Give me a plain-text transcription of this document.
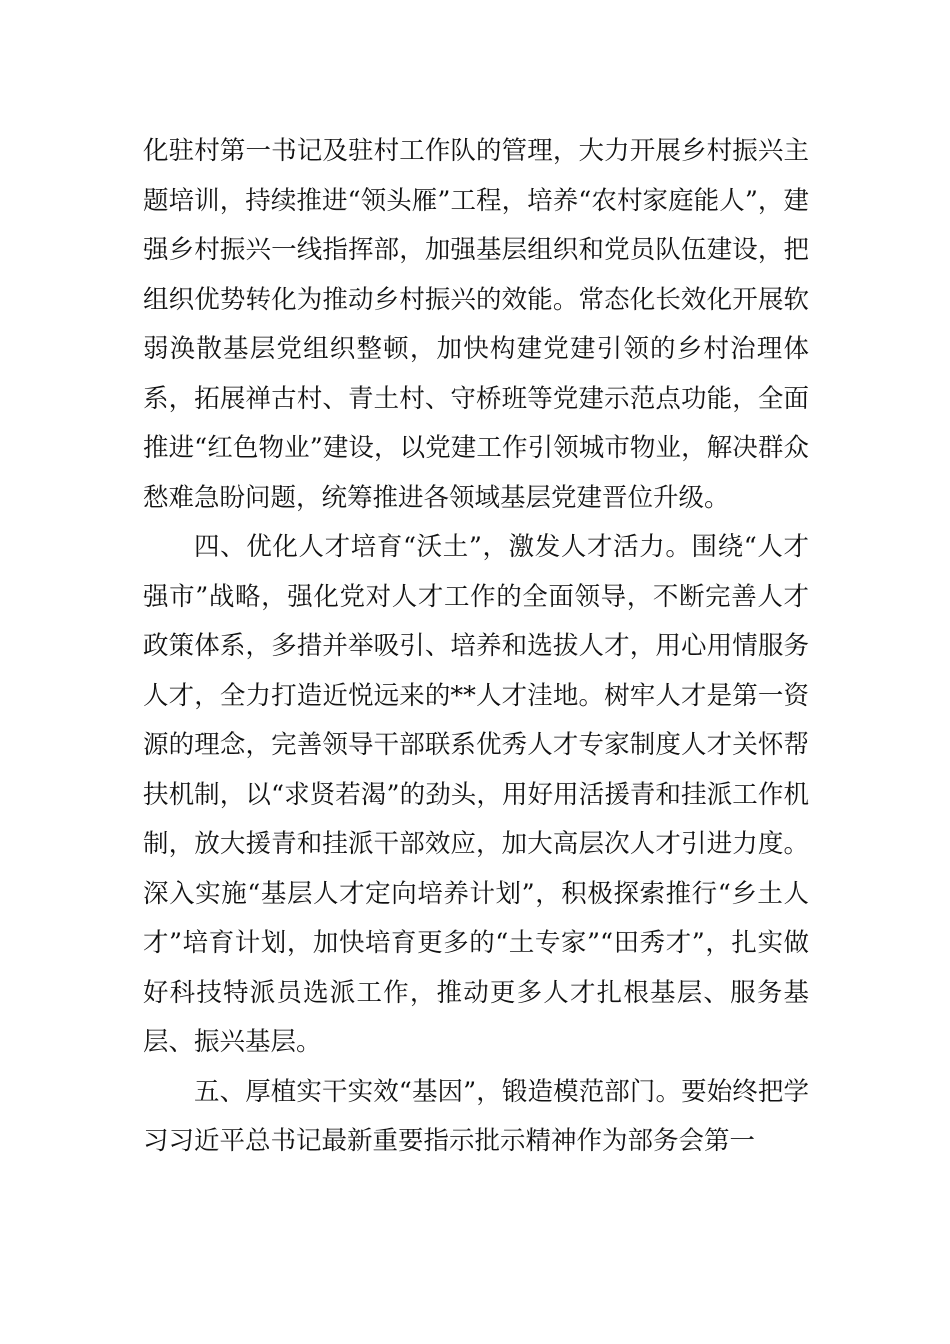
化驻村第一书记及驻村工作队的管理，大力开展乡村振兴主题培训，持续推进“领头雁”工程，培养“农村家庭能人”，建强乡村振兴一线指挥部，加强基层组织和党员队伍建设，把组织优势转化为推动乡村振兴的效能。常态化长效化开展软弱涣散基层党组织整顿，加快构建党建引领的乡村治理体系，拓展禅古村、青土村、守桥班等党建示范点功能，全面推进“红色物业”建设，以党建工作引领城市物业，解决群众愁难急盼问题，统筹推进各领域基层党建晋位升级。

四、优化人才培育“沃土”，激发人才活力。围绕“人才强市”战略，强化党对人才工作的全面领导，不断完善人才政策体系，多措并举吸引、培养和选拔人才，用心用情服务人才，全力打造近悦远来的**人才洼地。树牢人才是第一资源的理念，完善领导干部联系优秀人才专家制度人才关怀帮扶机制，以“求贤若渴”的劲头，用好用活援青和挂派工作机制，放大援青和挂派干部效应，加大高层次人才引进力度。深入实施“基层人才定向培养计划”，积极探索推行“乡土人才”培育计划，加快培育更多的“土专家”“田秀才”，扎实做好科技特派员选派工作，推动更多人才扎根基层、服务基层、振兴基层。

五、厚植实干实效“基因”，锻造模范部门。要始终把学习习近平总书记最新重要指示批示精神作为部务会第一
